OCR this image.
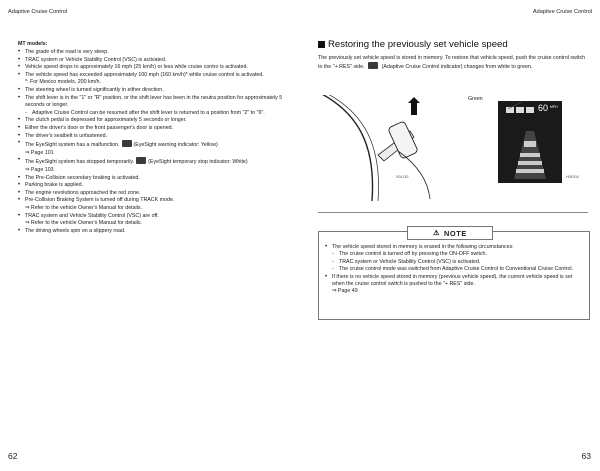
Adaptive Cruise Control	Adaptive Cruise Control
MT models:
• The grade of the road is very steep.
• TRAC system or Vehicle Stability Control (VSC) is activated.
• Vehicle speed drops to approximately 16 mph (25 km/h) or less while cruise contro is activated.
• The vehicle speed has exceeded approximately 100 mph (160 km/h)* while cruise control is activated.
*: For Mexico models, 200 km/h.
• The steering wheel is turned significantly in either direction.
• The shift lever is in the "1" or "R" position, or the shift lever has been in the neutra position for approximately 5 seconds or longer.
- Adaptive Cruise Control can be resumed after the shift lever is returned to a position from "2" to "6".
• The clutch pedal is depressed for approximately 5 seconds or longer.
• Either the driver's door or the front passenger's door is opened.
• The driver's seatbelt is unfastened.
• The EyeSight system has a malfunction.	(EyeSight warning indicator: Yellow)
⇒ Page 101
• The EyeSight system has stopped temporarily.	(EyeSight temporary stop indicator: White)
⇒ Page 103
• The Pre-Collision secondary braking is activated.
• Parking brake is applied.
• The engine revolutions approached the red zone.
• Pre-Collision Braking System is turned off during TRACK mode.
⇒ Refer to the vehicle Owner's Manual for details.
• TRAC system and Vehicle Stability Control (VSC) are off.
⇒ Refer to the vehicle Owner's Manual for details.
• The driving wheels spin on a slippery road.
Restoring the previously set vehicle speed
The previously set vehicle speed is stored in memory. To restore that vehicle speed, push the cruise control switch to the "+ RES" side.	(Adaptive Cruise Control indicator) changes from white to green.
Green
60 MPH
S04130	H0E034
⚠ NOTE
• The vehicle speed stored in memory is erased in the following circumstances:
- The cruise control is turned off by pressing the ON-OFF switch.
- TRAC system or Vehicle Stability Control (VSC) is activated.
- The cruise control mode was switched from Adaptive Cruise Control to Conventional Cruise Control.
• If there is no vehicle speed stored in memory (previous vehicle speed), the current vehicle speed is set when the cruise control switch is pushed to the "+ RES" side.
⇒ Page 49
62	63
